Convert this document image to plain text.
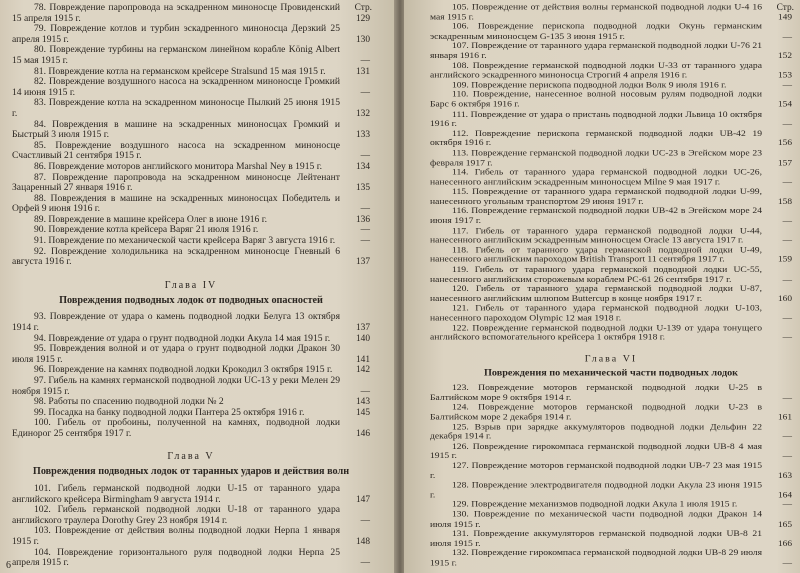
Стр.
78. Повреждение паропровода на эскадренном миноносце Провиденский 15 апреля 1915 г.	129
79. Повреждение котлов и турбин эскадренного миноносца Дерзкий 25 апреля 1915 г.	130
80. Повреждение турбины на германском линейном корабле König Albert 15 мая 1915 г.	—
81. Повреждение котла на германском крейсере Stralsund 15 мая 1915 г.	131
82. Повреждение воздушного насоса на эскадренном миноносце Громкий 14 июня 1915 г.	—
83. Повреждение котла на эскадренном миноносце Пылкий 25 июня 1915 г.	132
84. Повреждения в машине на эскадренных миноносцах Громкий и Быстрый 3 июля 1915 г.	133
85. Повреждение воздушного насоса на эскадренном миноносце Счастливый 21 сентября 1915 г.	—
86. Повреждение моторов английского монитора Marshal Ney в 1915 г.	134
87. Повреждение паропровода на эскадренном миноносце Лейтенант Зацаренный 27 января 1916 г.	135
88. Повреждения в машине на эскадренных миноносцах Победитель и Орфей 9 июня 1916 г.	—
89. Повреждение в машине крейсера Олег в июне 1916 г.	136
90. Повреждение котла крейсера Варяг 21 июля 1916 г.	—
91. Повреждение по механической части крейсера Варяг 3 августа 1916 г.	—
92. Повреждение холодильника на эскадренном миноносце Гневный 6 августа 1916 г.	137
Глава IV
Повреждения подводных лодок от подводных опасностей
93. Повреждение от удара о камень подводной лодки Белуга 13 октября 1914 г.	137
94. Повреждение от удара о грунт подводной лодки Акула 14 мая 1915 г.	140
95. Повреждения волной и от удара о грунт подводной лодки Дракон 30 июля 1915 г.	141
96. Повреждение на камнях подводной лодки Крокодил 3 октября 1915 г.	142
97. Гибель на камнях германской подводной лодки UC-13 у реки Мелен 29 ноября 1915 г.	—
98. Работы по спасению подводной лодки № 2	143
99. Посадка на банку подводной лодки Пантера 25 октября 1916 г.	145
100. Гибель от пробоины, полученной на камнях, подводной лодки Единорог 25 сентября 1917 г.	146
Глава V
Повреждения подводных лодок от таранных ударов и действия волн
101. Гибель германской подводной лодки U-15 от таранного удара английского крейсера Birmingham 9 августа 1914 г.	147
102. Гибель германской подводной лодки U-18 от таранного удара английского траулера Dorothy Grey 23 ноября 1914 г.	—
103. Повреждение от действия волны подводной лодки Нерпа 1 января 1915 г.	148
104. Повреждение горизонтального руля подводной лодки Нерпа 25 апреля 1915 г.	—
6
Стр.
105. Повреждение от действия волны германской подводной лодки U-4 16 мая 1915 г.	149
106. Повреждение перископа подводной лодки Окунь германским эскадренным миноносцем G-135 3 июня 1915 г.	—
107. Повреждение от таранного удара германской подводной лодки U-76 21 января 1916 г.	152
108. Повреждение германской подводной лодки U-33 от таранного удара английского эскадренного миноносца Строгий 4 апреля 1916 г.	153
109. Повреждение перископа подводной лодки Волк 9 июля 1916 г.	—
110. Повреждение, нанесенное волной носовым рулям подводной лодки Барс 6 октября 1916 г.	154
111. Повреждение от удара о пристань подводной лодки Львица 10 октября 1916 г.	—
112. Повреждение перископа германской подводной лодки UB-42 19 октября 1916 г.	156
113. Повреждение германской подводной лодки UC-23 в Эгейском море 23 февраля 1917 г.	157
114. Гибель от таранного удара германской подводной лодки UC-26, нанесенного английским эскадренным миноносцем Milne 9 мая 1917 г.	—
115. Повреждение от таранного удара германской подводной лодки U-99, нанесенного угольным транспортом 29 июня 1917 г.	158
116. Повреждение германской подводной лодки UB-42 в Эгейском море 24 июня 1917 г.	—
117. Гибель от таранного удара германской подводной лодки U-44, нанесенного английским эскадренным миноносцем Oracle 13 августа 1917 г.	—
118. Гибель от таранного удара германской подводной лодки U-49, нанесенного английским пароходом British Transport 11 сентября 1917 г.	159
119. Гибель от таранного удара германской подводной лодки UC-55, нанесенного английским сторожевым кораблем PC-61 26 сентября 1917 г.	—
120. Гибель от таранного удара германской подводной лодки U-87, нанесенного английским шлюпом Buttercup в конце ноября 1917 г.	160
121. Гибель от таранного удара германской подводной лодки U-103, нанесенного пароходом Olympic 12 мая 1918 г.	—
122. Повреждение германской подводной лодки U-139 от удара тонущего английского вспомогательного крейсера 1 октября 1918 г.	—
Глава VI
Повреждения по механической части подводных лодок
123. Повреждение моторов германской подводной лодки U-25 в Балтийском море 9 октября 1914 г.	—
124. Повреждение моторов германской подводной лодки U-23 в Балтийском море 2 декабря 1914 г.	161
125. Взрыв при зарядке аккумуляторов подводной лодки Дельфин 22 декабря 1914 г.	—
126. Повреждение гирокомпаса германской подводной лодки UB-8 4 мая 1915 г.	—
127. Повреждение моторов германской подводной лодки UB-7 23 мая 1915 г.	163
128. Повреждение электродвигателя подводной лодки Акула 23 июня 1915 г.	164
129. Повреждение механизмов подводной лодки Акула 1 июля 1915 г.	—
130. Повреждение по механической части подводной лодки Дракон 14 июля 1915 г.	165
131. Повреждение аккумуляторов германской подводной лодки UB-8 21 июля 1915 г.	166
132. Повреждение гирокомпаса германской подводной лодки UB-8 29 июля 1915 г.	—
